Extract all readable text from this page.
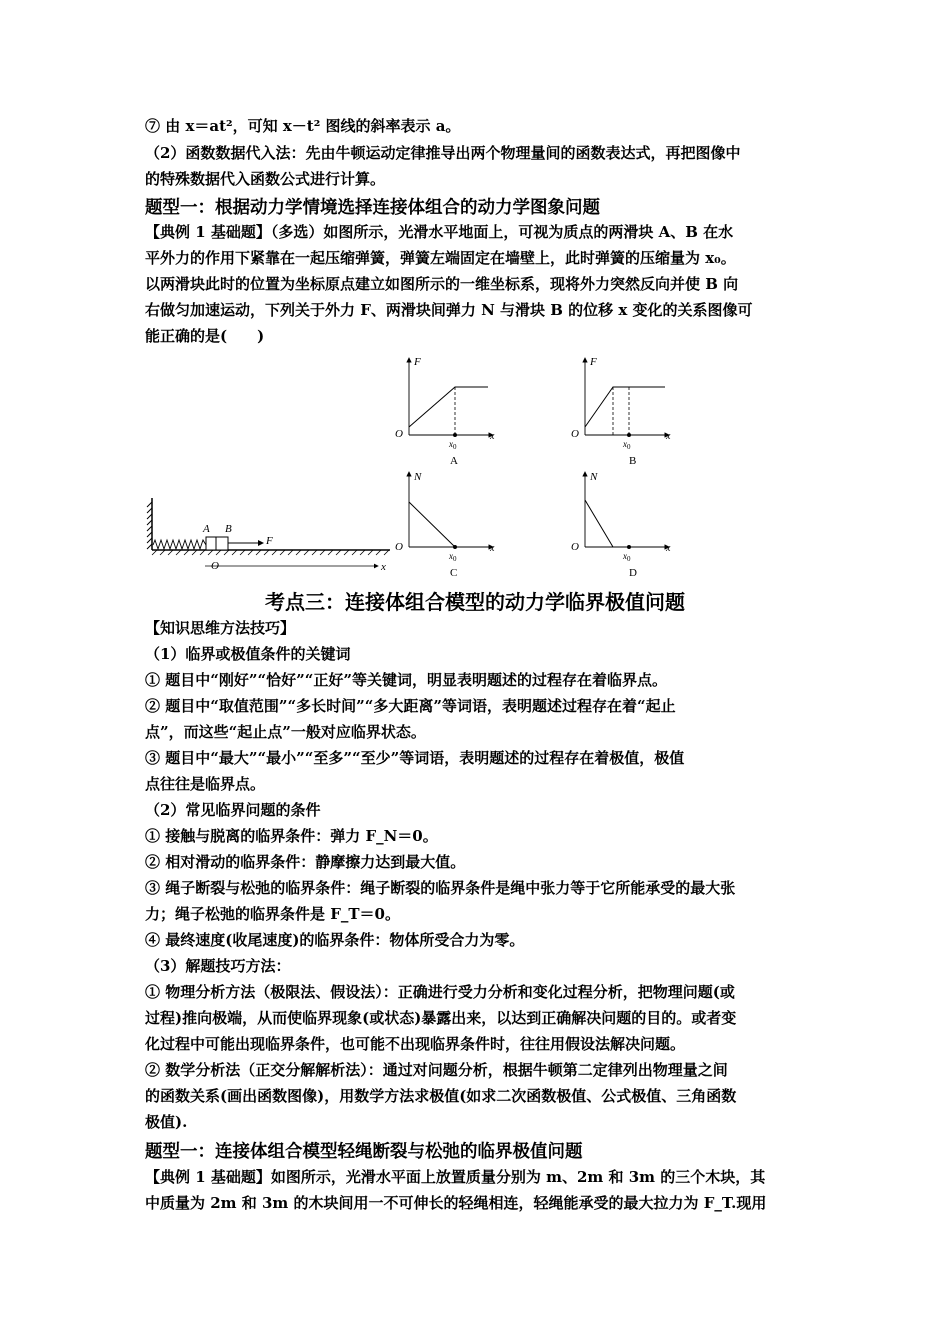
⑦ 由 x＝at²，可知 x－t² 图线的斜率表示 a。
（2）函数数据代入法：先由牛顿运动定律推导出两个物理量间的函数表达式，再把图像中
的特殊数据代入函数公式进行计算。
题型一：根据动力学情境选择连接体组合的动力学图象问题
【典例 1 基础题】（多选）如图所示，光滑水平地面上，可视为质点的两滑块 A、B 在水
平外力的作用下紧靠在一起压缩弹簧，弹簧左端固定在墙壁上，此时弹簧的压缩量为 x₀。
以两滑块此时的位置为坐标原点建立如图所示的一维坐标系，现将外力突然反向并使 B 向
右做匀加速运动，下列关于外力 F、两滑块间弹力 N 与滑块 B 的位移 x 变化的关系图像可
能正确的是(　　)
A B
F
O	x
O
F
x
$x_0$
A
O
F
x
$x_0$
B
O
N
x
$x_0$
C
O
N
x
$x_0$
D
考点三：连接体组合模型的动力学临界极值问题
【知识思维方法技巧】
（1）临界或极值条件的关键词
① 题目中“刚好”“恰好”“正好”等关键词，明显表明题述的过程存在着临界点。
② 题目中“取值范围”“多长时间”“多大距离”等词语，表明题述过程存在着“起止
点”，而这些“起止点”一般对应临界状态。
③ 题目中“最大”“最小”“至多”“至少”等词语，表明题述的过程存在着极值，极值
点往往是临界点。
（2）常见临界问题的条件
① 接触与脱离的临界条件：弹力 F_N＝0。
② 相对滑动的临界条件：静摩擦力达到最大值。
③ 绳子断裂与松弛的临界条件：绳子断裂的临界条件是绳中张力等于它所能承受的最大张
力；绳子松弛的临界条件是 F_T＝0。
④ 最终速度(收尾速度)的临界条件：物体所受合力为零。
（3）解题技巧方法：
① 物理分析方法（极限法、假设法）：正确进行受力分析和变化过程分析，把物理问题(或
过程)推向极端，从而使临界现象(或状态)暴露出来，以达到正确解决问题的目的。或者变
化过程中可能出现临界条件，也可能不出现临界条件时，往往用假设法解决问题。
② 数学分析法（正交分解解析法）：通过对问题分析，根据牛顿第二定律列出物理量之间
的函数关系(画出函数图像)，用数学方法求极值(如求二次函数极值、公式极值、三角函数
极值).
题型一：连接体组合模型轻绳断裂与松弛的临界极值问题
【典例 1 基础题】如图所示，光滑水平面上放置质量分别为 m、2m 和 3m 的三个木块，其
中质量为 2m 和 3m 的木块间用一不可伸长的轻绳相连，轻绳能承受的最大拉力为 F_T.现用
